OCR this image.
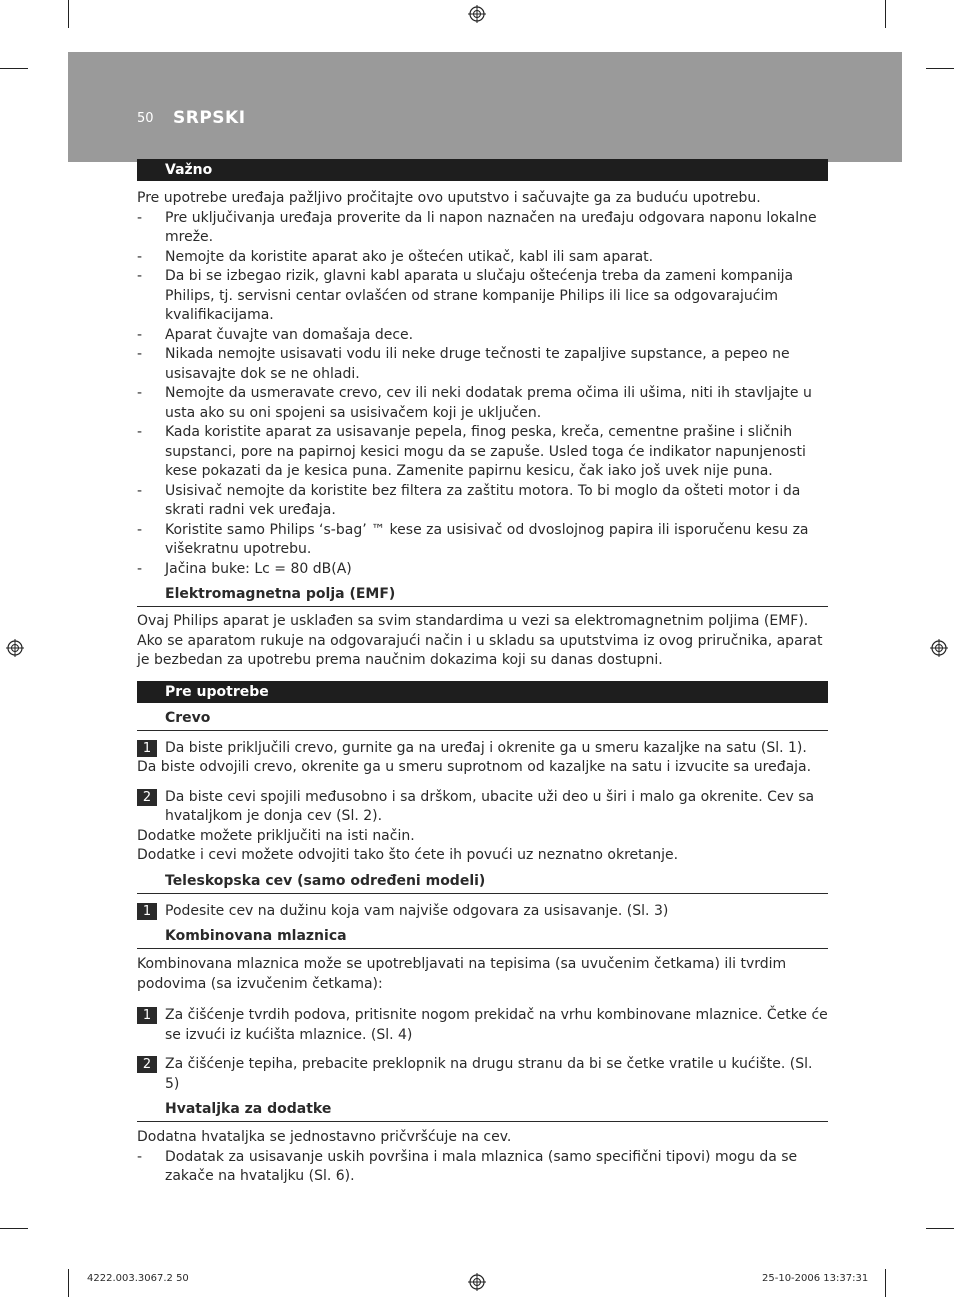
50 SRPSKI
Važno

Pre upotrebe uređaja pažljivo pročitajte ovo uputstvo i sačuvajte ga za buduću upotrebu.

- Pre uključivanja uređaja proverite da li napon naznačen na uređaju odgovara naponu lokalne mreže.
- Nemojte da koristite aparat ako je oštećen utikač, kabl ili sam aparat.
- Da bi se izbegao rizik, glavni kabl aparata u slučaju oštećenja treba da zameni kompanija Philips, tj. servisni centar ovlašćen od strane kompanije Philips ili lice sa odgovarajućim kvalifikacijama.
- Aparat čuvajte van domašaja dece.
- Nikada nemojte usisavati vodu ili neke druge tečnosti te zapaljive supstance, a pepeo ne usisavajte dok se ne ohladi.
- Nemojte da usmeravate crevo, cev ili neki dodatak prema očima ili ušima, niti ih stavljajte u usta ako su oni spojeni sa usisivačem koji je uključen.
- Kada koristite aparat za usisavanje pepela, finog peska, kreča, cementne prašine i sličnih supstanci, pore na papirnoj kesici mogu da se zapuše. Usled toga će indikator napunjenosti kese pokazati da je kesica puna. Zamenite papirnu kesicu, čak iako još uvek nije puna.
- Usisivač nemojte da koristite bez filtera za zaštitu motora. To bi moglo da ošteti motor i da skrati radni vek uređaja.
- Koristite samo Philips ‘s-bag’ ™ kese za usisivač od dvoslojnog papira ili isporučenu kesu za višekratnu upotrebu.
- Jačina buke: Lc = 80 dB(A)
Elektromagnetna polja (EMF)

Ovaj Philips aparat je usklađen sa svim standardima u vezi sa elektromagnetnim poljima (EMF). Ako se aparatom rukuje na odgovarajući način i u skladu sa uputstvima iz ovog priručnika, aparat je bezbedan za upotrebu prema naučnim dokazima koji su danas dostupni.

Pre upotrebe
Crevo
1 Da biste priključili crevo, gurnite ga na uređaj i okrenite ga u smeru kazaljke na satu (Sl. 1).

Da biste odvojili crevo, okrenite ga u smeru suprotnom od kazaljke na satu i izvucite sa uređaja.

2 Da biste cevi spojili međusobno i sa drškom, ubacite uži deo u širi i malo ga okrenite. Cev sa hvataljkom je donja cev (Sl. 2).

Dodatke možete priključiti na isti način.

Dodatke i cevi možete odvojiti tako što ćete ih povući uz neznatno okretanje.

Teleskopska cev (samo određeni modeli)
1 Podesite cev na dužinu koja vam najviše odgovara za usisavanje. (Sl. 3)
Kombinovana mlaznica

Kombinovana mlaznica može se upotrebljavati na tepisima (sa uvučenim četkama) ili tvrdim podovima (sa izvučenim četkama):

1 Za čišćenje tvrdih podova, pritisnite nogom prekidač na vrhu kombinovane mlaznice. Četke će se izvući iz kućišta mlaznice. (Sl. 4)
2 Za čišćenje tepiha, prebacite preklopnik na drugu stranu da bi se četke vratile u kućište. (Sl. 5)
Hvataljka za dodatke

Dodatna hvataljka se jednostavno pričvršćuje na cev.

- Dodatak za usisavanje uskih površina i mala mlaznica (samo specifični tipovi) mogu da se zakače na hvataljku (Sl. 6).
4222.003.3067.2 50	25-10-2006 13:37:31
